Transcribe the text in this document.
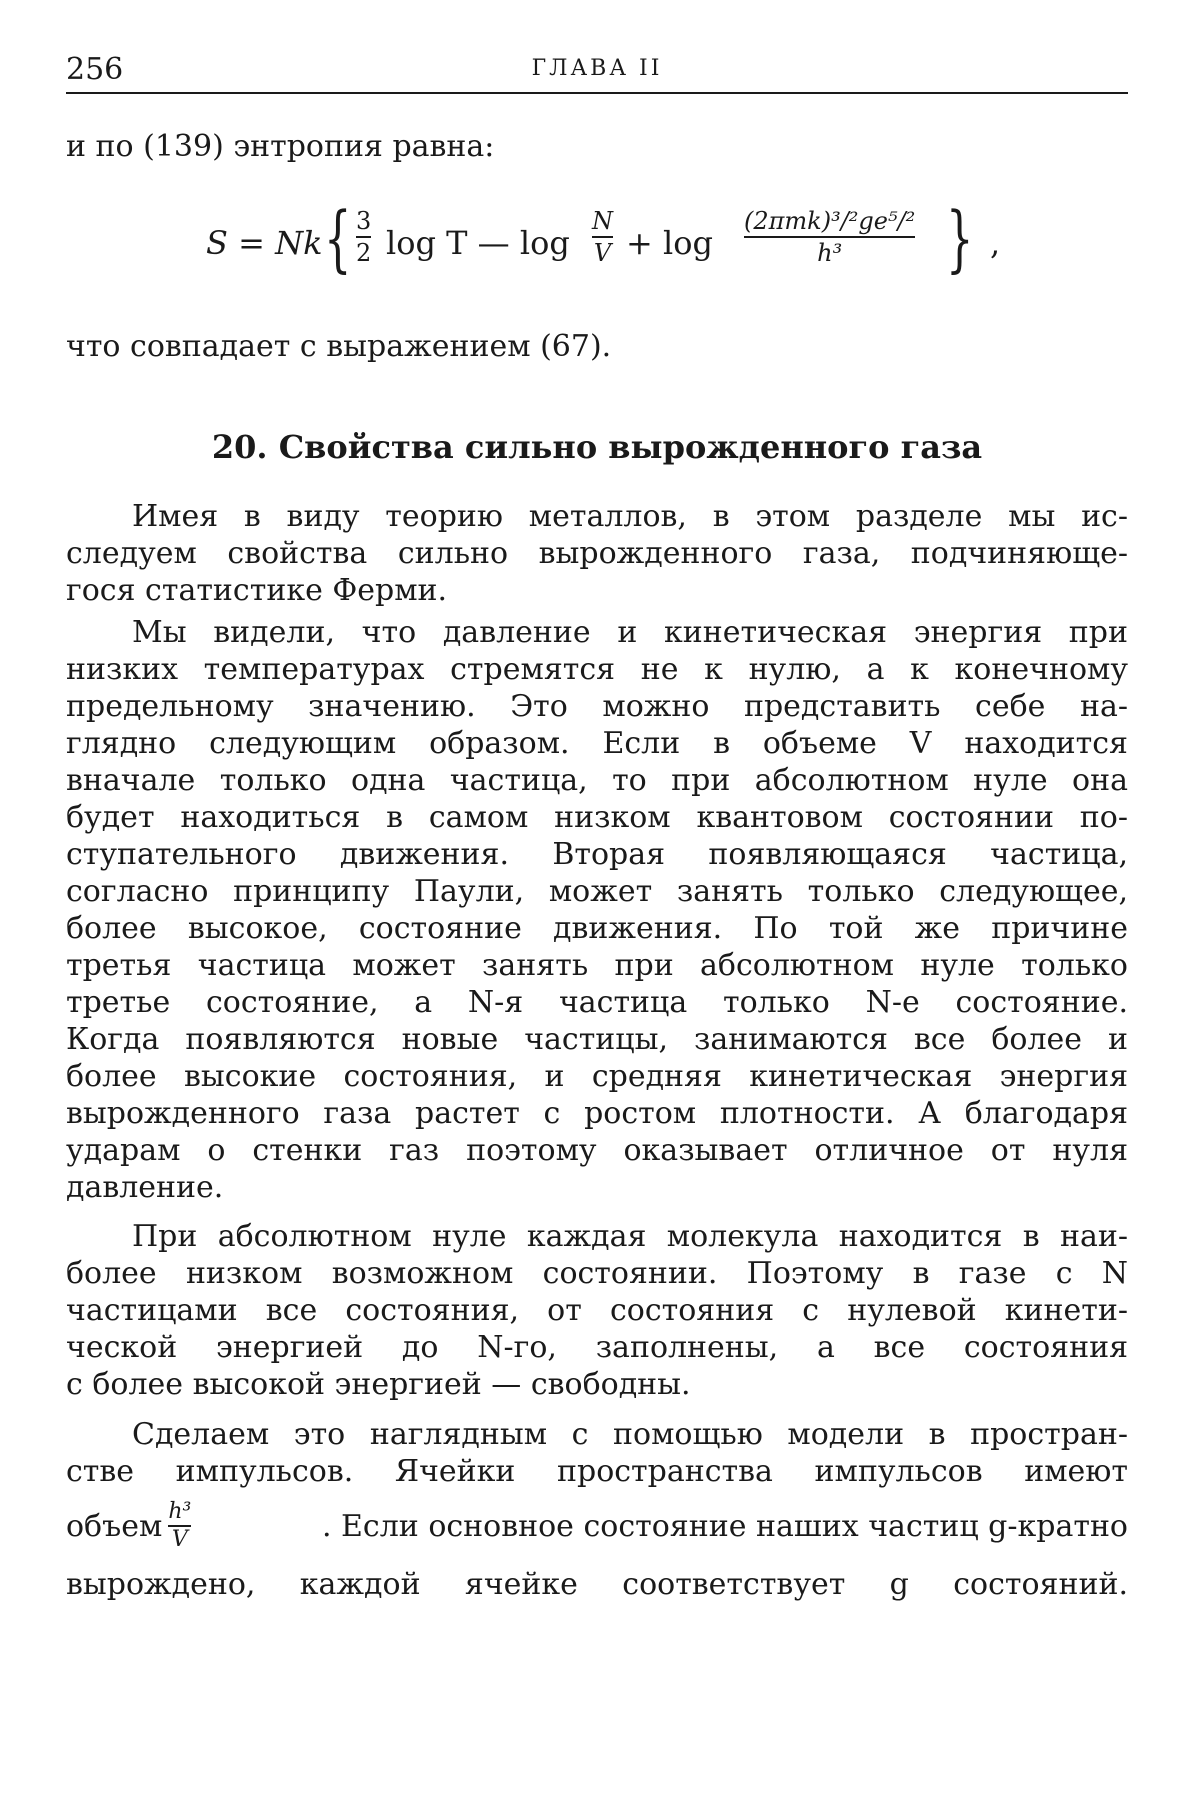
256	ГЛАВА II

и по (139) энтропия равна:

S = Nk { 3
2 log T — log
N
V + log
(2πmk)³/²ge⁵/²
h³ } ,

что совпадает с выражением (67).

20. Свойства сильно вырожденного газа

Имея в виду теорию металлов, в этом разделе мы ис-

следуем свойства сильно вырожденного газа, подчиняюще-

гося статистике Ферми.

Мы видели, что давление и кинетическая энергия при

низких температурах стремятся не к нулю, а к конечному

предельному значению. Это можно представить себе на-

глядно следующим образом. Если в объеме V находится

вначале только одна частица, то при абсолютном нуле она

будет находиться в самом низком квантовом состоянии по-

ступательного движения. Вторая появляющаяся частица,

согласно принципу Паули, может занять только следующее,

более высокое, состояние движения. По той же причине

третья частица может занять при абсолютном нуле только

третье состояние, а N-я частица только N-е состояние.

Когда появляются новые частицы, занимаются все более и

более высокие состояния, и средняя кинетическая энергия

вырожденного газа растет с ростом плотности. А благодаря

ударам о стенки газ поэтому оказывает отличное от нуля

давление.

При абсолютном нуле каждая молекула находится в наи-

более низком возможном состоянии. Поэтому в газе с N

частицами все состояния, от состояния с нулевой кинети-

ческой энергией до N-го, заполнены, а все состояния

с более высокой энергией — свободны.

Сделаем это наглядным с помощью модели в простран-

стве импульсов. Ячейки пространства импульсов имеют

объем $\frac{\text{h³}}{V}$	. Если основное состояние наших частиц g-кратно

вырождено, каждой ячейке соответствует g состояний.
